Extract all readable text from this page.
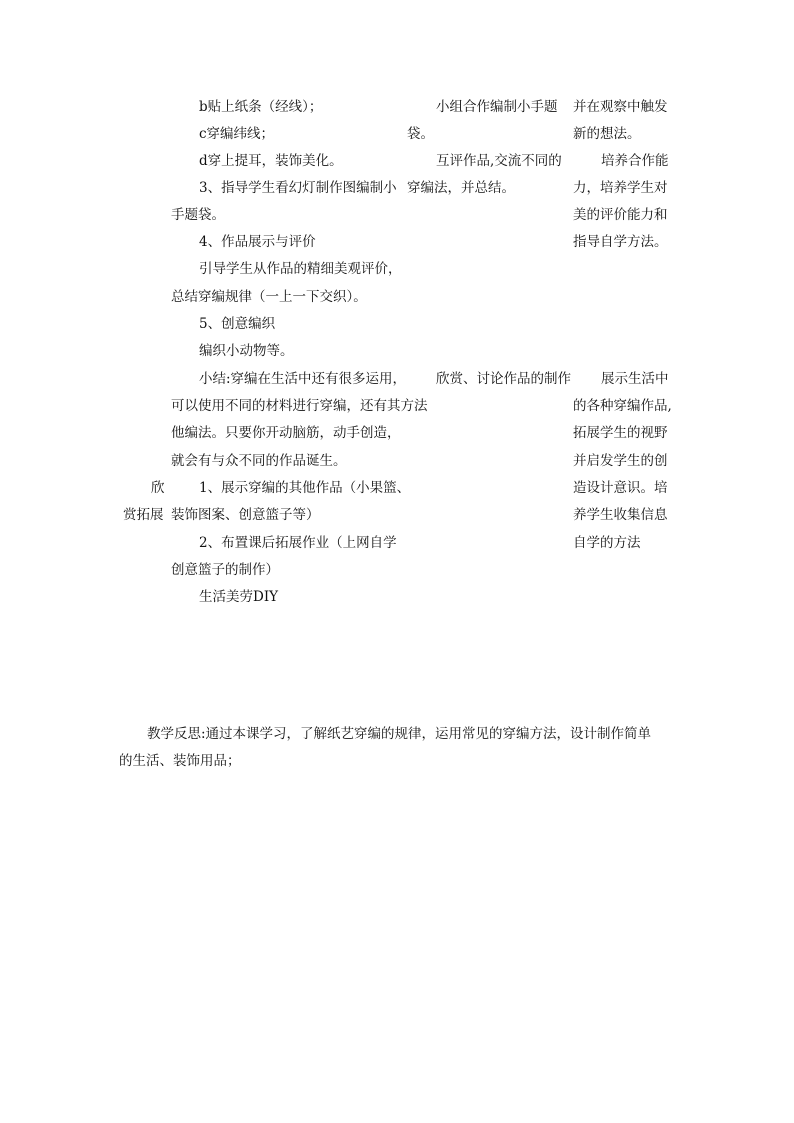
欣
赏拓展
b贴上纸条（经线）；
c穿编纬线；
d穿上提耳，装饰美化。
3、指导学生看幻灯制作图编制小
手题袋。
4、作品展示与评价
引导学生从作品的精细美观评价，
总结穿编规律（一上一下交织）。
5、创意编织
编织小动物等。
小结:穿编在生活中还有很多运用，
可以使用不同的材料进行穿编，还有其方法
他编法。只要你开动脑筋，动手创造，
就会有与众不同的作品诞生。
1、展示穿编的其他作品（小果篮、
装饰图案、创意篮子等）
2、布置课后拓展作业（上网自学
创意篮子的制作）
生活美劳DIY
小组合作编制小手题
袋。
互评作品,交流不同的
穿编法，并总结。
欣赏、讨论作品的制作
并在观察中触发
新的想法。
培养合作能
力，培养学生对
美的评价能力和
指导自学方法。
展示生活中
的各种穿编作品,
拓展学生的视野
并启发学生的创
造设计意识。培
养学生收集信息
自学的方法
教学反思:通过本课学习，了解纸艺穿编的规律，运用常见的穿编方法，设计制作简单
的生活、装饰用品；
